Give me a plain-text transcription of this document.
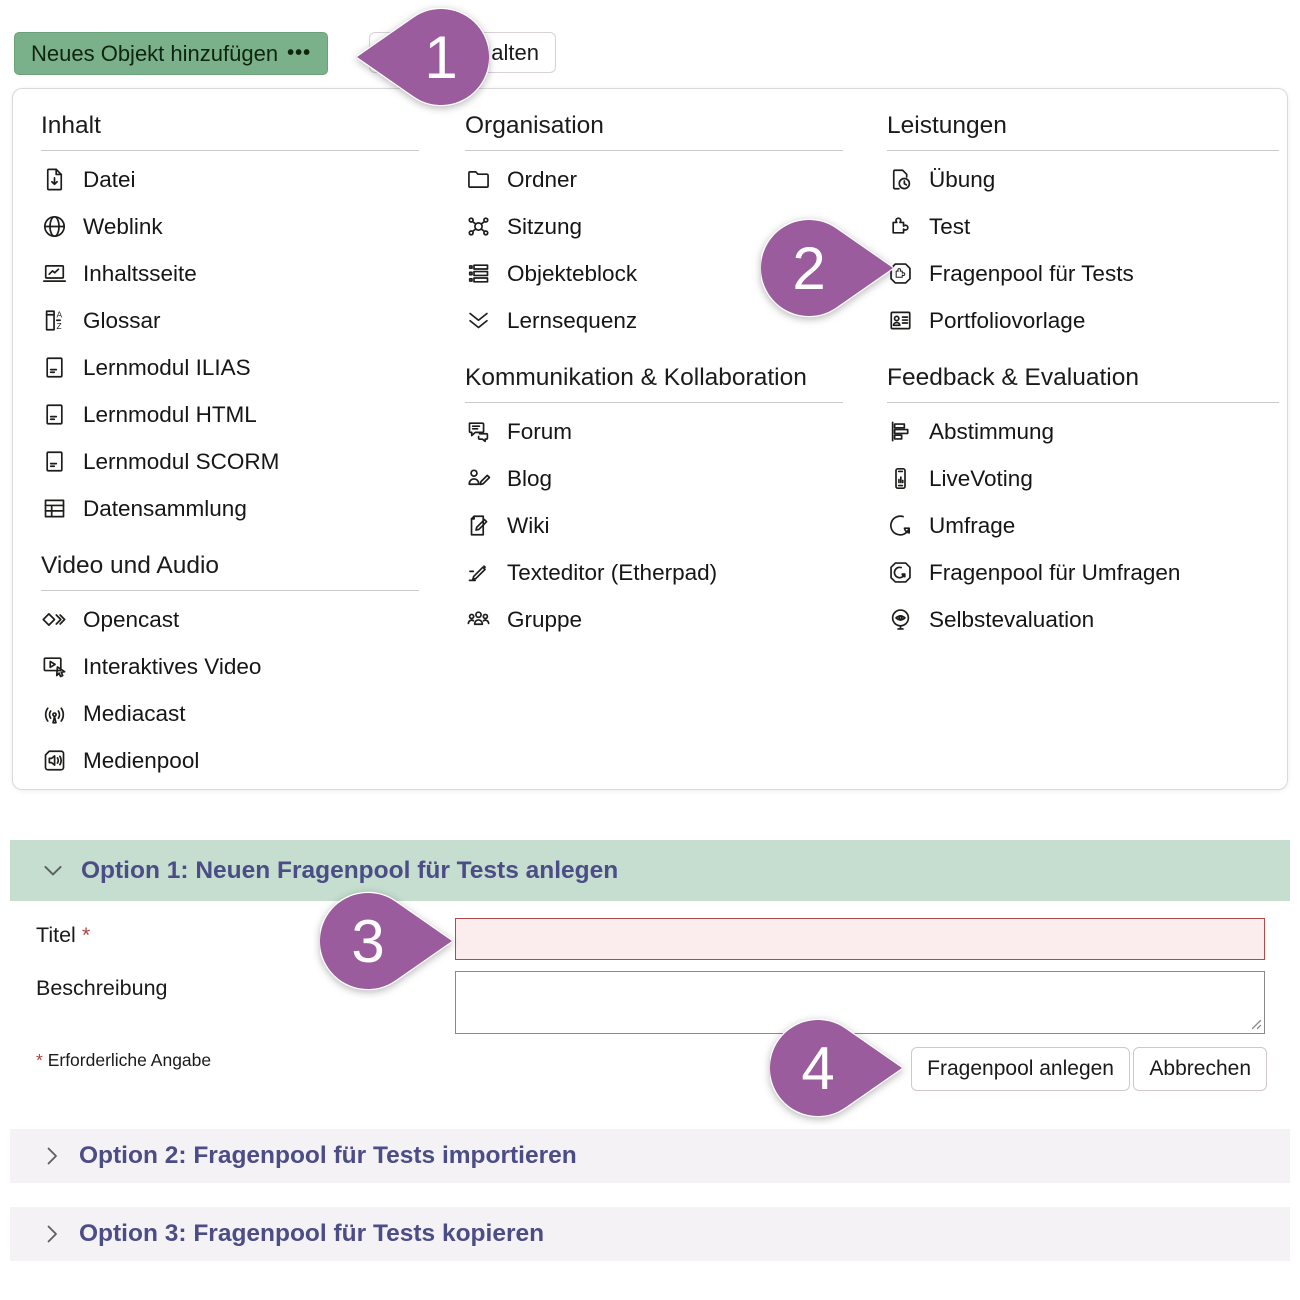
Neues Objekt hinzufügen •••	alten
Inhalt
Datei
Weblink
Inhaltsseite
A
Z Glossar
Lernmodul ILIAS
Lernmodul HTML
Lernmodul SCORM
Datensammlung
Video und Audio
Opencast
Interaktives Video
Mediacast
Medienpool
Organisation
Ordner
Sitzung
Objekteblock
Lernsequenz
Kommunikation & Kollaboration
Forum
Blog
Wiki
Texteditor (Etherpad)
Gruppe
Leistungen
Übung
Test
Fragenpool für Tests
Portfoliovorlage
Feedback & Evaluation
Abstimmung
LiveVoting
Umfrage
Fragenpool für Umfragen
Selbstevaluation
Option 1: Neuen Fragenpool für Tests anlegen
Titel *
Beschreibung
* Erforderliche Angabe	Fragenpool anlegen Abbrechen
Option 2: Fragenpool für Tests importieren
Option 3: Fragenpool für Tests kopieren
1
2
3
4
